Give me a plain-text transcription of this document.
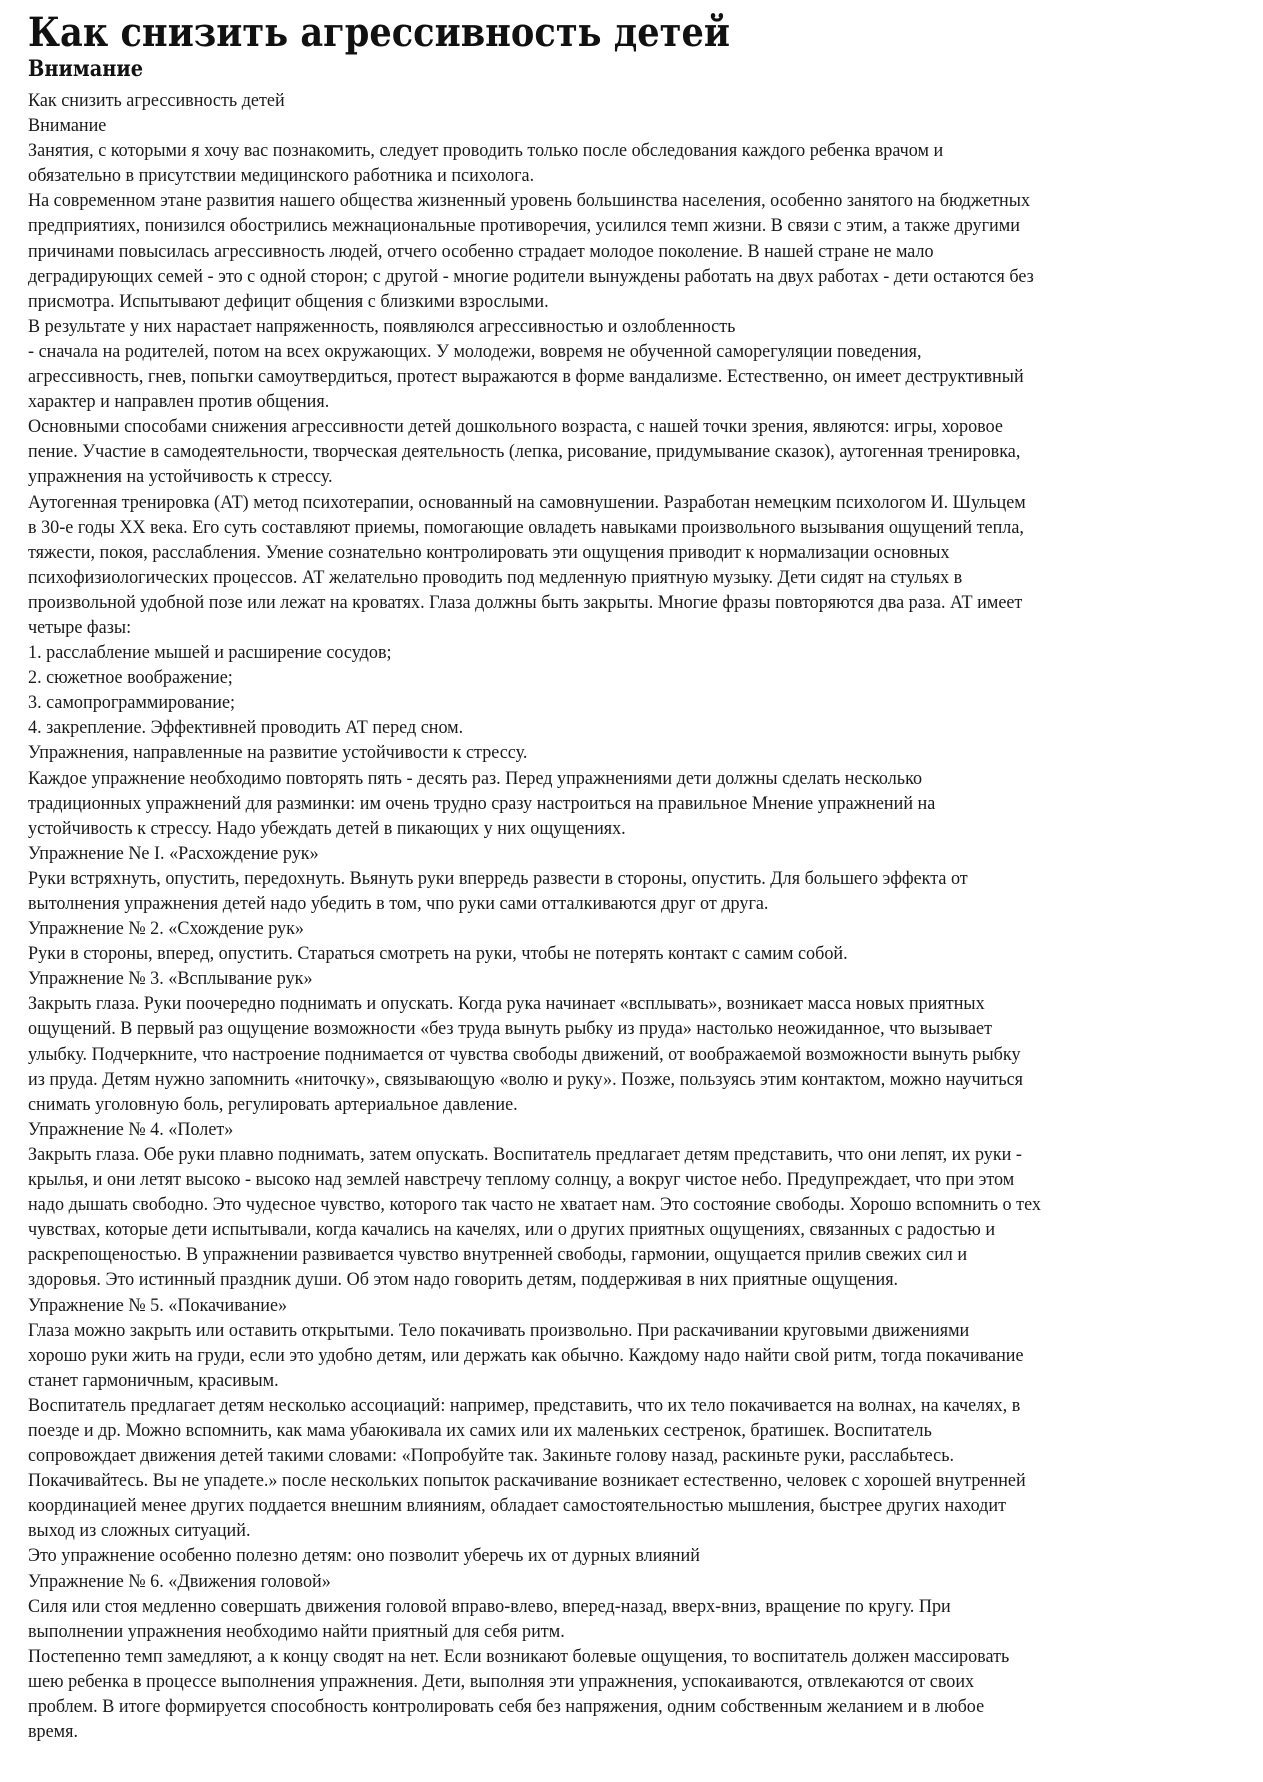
Как снизить агрессивность детей
Внимание
Как снизить агрессивность детей
Внимание
Занятия, с которыми я хочу вас познакомить, следует проводить только после обследования каждого ребенка врачом и
обязательно в присутствии медицинского работника и психолога.
На современном этане развития нашего общества жизненный уровень большинства населения, особенно занятого на бюджетных
предприятиях, понизился обострились межнациональные противоречия, усилился темп жизни. В связи с этим, а также другими
причинами повысилась агрессивность людей, отчего особенно страдает молодое поколение. В нашей стране не мало
деградирующих семей - это с одной сторон; с другой - многие родители вынуждены работать на двух работах - дети остаются без
присмотра. Испытывают дефицит общения с близкими взрослыми.
В результате у них нарастает напряженность, появляюлся агрессивностью и озлобленность
- сначала на родителей, потом на всех окружающих. У молодежи, вовремя не обученной саморегуляции поведения,
агрессивность, гнев, попьгки самоутвердиться, протест выражаются в форме вандализме. Естественно, он имеет деструктивный
характер и направлен против общения.
Основными способами снижения агрессивности детей дошкольного возраста, с нашей точки зрения, являются: игры, хоровое
пение. Участие в самодеятельности, творческая деятельность (лепка, рисование, придумывание сказок), аутогенная тренировка,
упражнения на устойчивость к стрессу.
Аутогенная тренировка (АТ) метод психотерапии, основанный на самовнушении. Разработан немецким психологом И. Шульцем
в 30-е годы XX века. Его суть составляют приемы, помогающие овладеть навыками произвольного вызывания ощущений тепла,
тяжести, покоя, расслабления. Умение сознательно контролировать эти ощущения приводит к нормализации основных
психофизиологических процессов. АТ желательно проводить под медленную приятную музыку. Дети сидят на стульях в
произвольной удобной позе или лежат на кроватях. Глаза должны быть закрыты. Многие фразы повторяются два раза. АТ имеет
четыре фазы:
1. расслабление мышей и расширение сосудов;
2. сюжетное воображение;
3. самопрограммирование;
4. закрепление. Эффективней проводить АТ перед сном.
Упражнения, направленные на развитие устойчивости к стрессу.
Каждое упражнение необходимо повторять пять - десять раз. Перед упражнениями дети должны сделать несколько
традиционных упражнений для разминки: им очень трудно сразу настроиться на правильное Мнение упражнений на
устойчивость к стрессу. Надо убеждать детей в пикающих у них ощущениях.
Упражнение Ne I. «Расхождение рук»
Руки встряхнуть, опустить, передохнуть. Вьянуть руки вперредь развести в стороны, опустить. Для большего эффекта от
вытолнения упражнения детей надо убедить в том, чпо руки сами отталкиваются друг от друга.
Упражнение № 2. «Схождение рук»
Руки в стороны, вперед, опустить. Стараться смотреть на руки, чтобы не потерять контакт с самим собой.
Упражнение № 3. «Всплывание рук»
Закрыть глаза. Руки поочередно поднимать и опускать. Когда рука начинает «всплывать», возникает масса новых приятных
ощущений. В первый раз ощущение возможности «без труда вынуть рыбку из пруда» настолько неожиданное, что вызывает
улыбку. Подчеркните, что настроение поднимается от чувства свободы движений, от воображаемой возможности вынуть рыбку
из пруда. Детям нужно запомнить «ниточку», связывающую «волю и руку». Позже, пользуясь этим контактом, можно научиться
снимать уголовную боль, регулировать артериальное давление.
Упражнение № 4. «Полет»
Закрыть глаза. Обе руки плавно поднимать, затем опускать. Воспитатель предлагает детям представить, что они лепят, их руки -
крылья, и они летят высоко - высоко над землей навстречу теплому солнцу, а вокруг чистое небо. Предупреждает, что при этом
надо дышать свободно. Это чудесное чувство, которого так часто не хватает нам. Это состояние свободы. Хорошо вспомнить о тех
чувствах, которые дети испытывали, когда качались на качелях, или о других приятных ощущениях, связанных с радостью и
раскрепощеностью. В упражнении развивается чувство внутренней свободы, гармонии, ощущается прилив свежих сил и
здоровья. Это истинный праздник души. Об этом надо говорить детям, поддерживая в них приятные ощущения.
Упражнение № 5. «Покачивание»
Глаза можно закрыть или оставить открытыми. Тело покачивать произвольно. При раскачивании круговыми движениями
хорошо руки жить на груди, если это удобно детям, или держать как обычно. Каждому надо найти свой ритм, тогда покачивание
станет гармоничным, красивым.
Воспитатель предлагает детям несколько ассоциаций: например, представить, что их тело покачивается на волнах, на качелях, в
поезде и др. Можно вспомнить, как мама убаюкивала их самих или их маленьких сестренок, братишек. Воспитатель
сопровождает движения детей такими словами: «Попробуйте так. Закиньте голову назад, раскиньте руки, расслабьтесь.
Покачивайтесь. Вы не упадете.» после нескольких попыток раскачивание возникает естественно, человек с хорошей внутренней
координацией менее других поддается внешним влияниям, обладает самостоятельностью мышления, быстрее других находит
выход из сложных ситуаций.
Это упражнение особенно полезно детям: оно позволит уберечь их от дурных влияний
Упражнение № 6. «Движения головой»
Силя или стоя медленно совершать движения головой вправо-влево, вперед-назад, вверх-вниз, вращение по кругу. При
выполнении упражнения необходимо найти приятный для себя ритм.
Постепенно темп замедляют, а к концу сводят на нет. Если возникают болевые ощущения, то воспитатель должен массировать
шею ребенка в процессе выполнения упражнения. Дети, выполняя эти упражнения, успокаиваются, отвлекаются от своих
проблем. В итоге формируется способность контролировать себя без напряжения, одним собственным желанием и в любое
время.
